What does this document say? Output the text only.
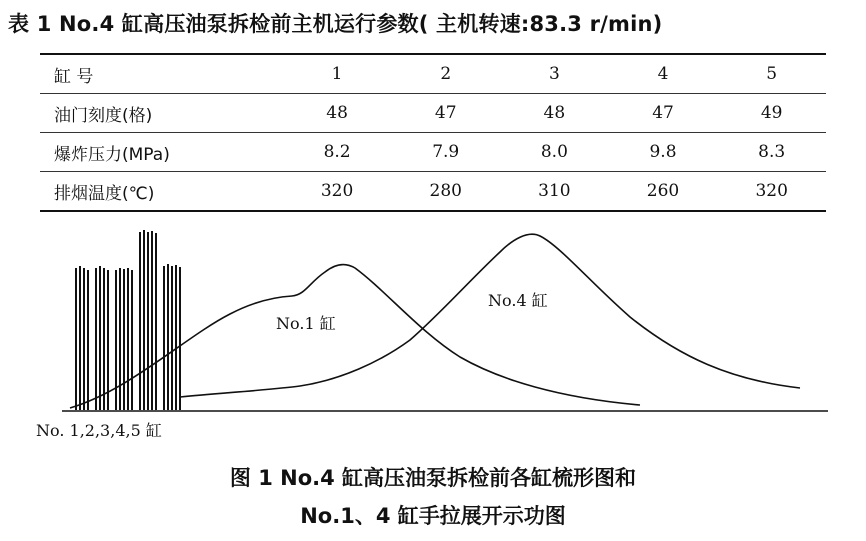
表 1 No.4 缸高压油泵拆检前主机运行参数( 主机转速:83.3 r/min)
缸 号	1	2	3	4	5
油门刻度(格)	48	47	48	47	49
爆炸压力(MPa)	8.2	7.9	8.0	9.8	8.3
排烟温度(℃)	320	280	310	260	320
No.1 缸
No.4 缸
No. 1,2,3,4,5 缸
图 1 No.4 缸高压油泵拆检前各缸梳形图和
No.1、4 缸手拉展开示功图
